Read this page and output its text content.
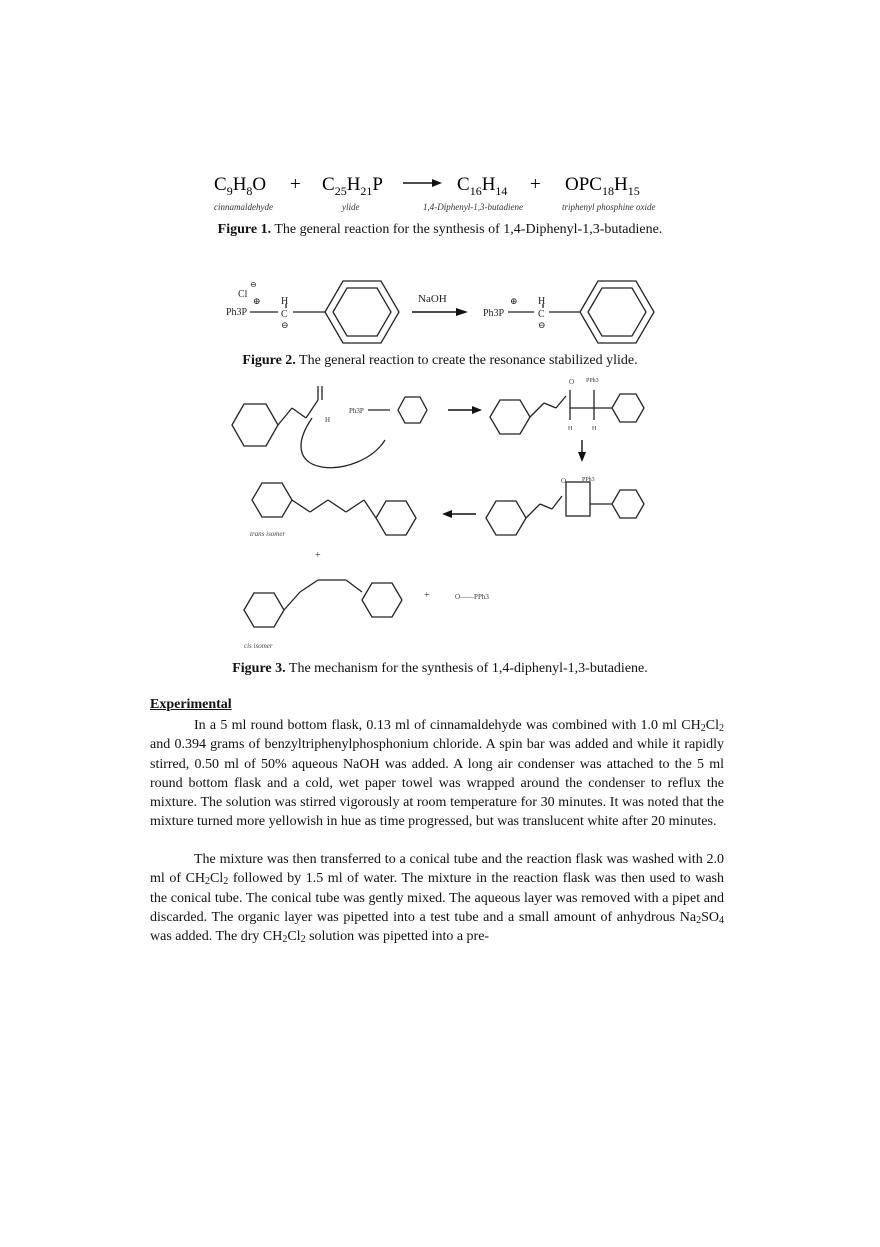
$C_9H_8O + C_{25}H_{21}P$	$C_{16}H_{14} + OPC_{18}H_{15}$
cinnamaldehyde	ylide	1,4-Diphenyl-1,3-butadiene	triphenyl phosphine oxide
Figure 1. The general reaction for the synthesis of 1,4-Diphenyl-1,3-butadiene.
Cl
⊖
Ph3P
⊕ H
C
⊖
NaOH
Ph3P
⊕ H
C
⊖
Figure 2. The general reaction to create the resonance stabilized ylide.
H
Ph3P
O PPh3
H	H
O	PPh3
trans isomer
+
cis isomer
+	O——PPh3
Figure 3. The mechanism for the synthesis of 1,4-diphenyl-1,3-butadiene.
Experimental

In a 5 ml round bottom flask, 0.13 ml of cinnamaldehyde was combined with 1.0 ml $CH_2Cl_2$ and 0.394 grams of benzyltriphenylphosphonium chloride. A spin bar was added and while it rapidly stirred, 0.50 ml of 50% aqueous NaOH was added. A long air condenser was attached to the 5 ml round bottom flask and a cold, wet paper towel was wrapped around the condenser to reflux the mixture. The solution was stirred vigorously at room temperature for 30 minutes. It was noted that the mixture turned more yellowish in hue as time progressed, but was translucent white after 20 minutes.

The mixture was then transferred to a conical tube and the reaction flask was washed with 2.0 ml of $CH_2Cl_2$ followed by 1.5 ml of water. The mixture in the reaction flask was then used to wash the conical tube. The conical tube was gently mixed. The aqueous layer was removed with a pipet and discarded. The organic layer was pipetted into a test tube and a small amount of anhydrous $Na_2SO_4$ was added. The dry $CH_2Cl_2$ solution was pipetted into a pre-
